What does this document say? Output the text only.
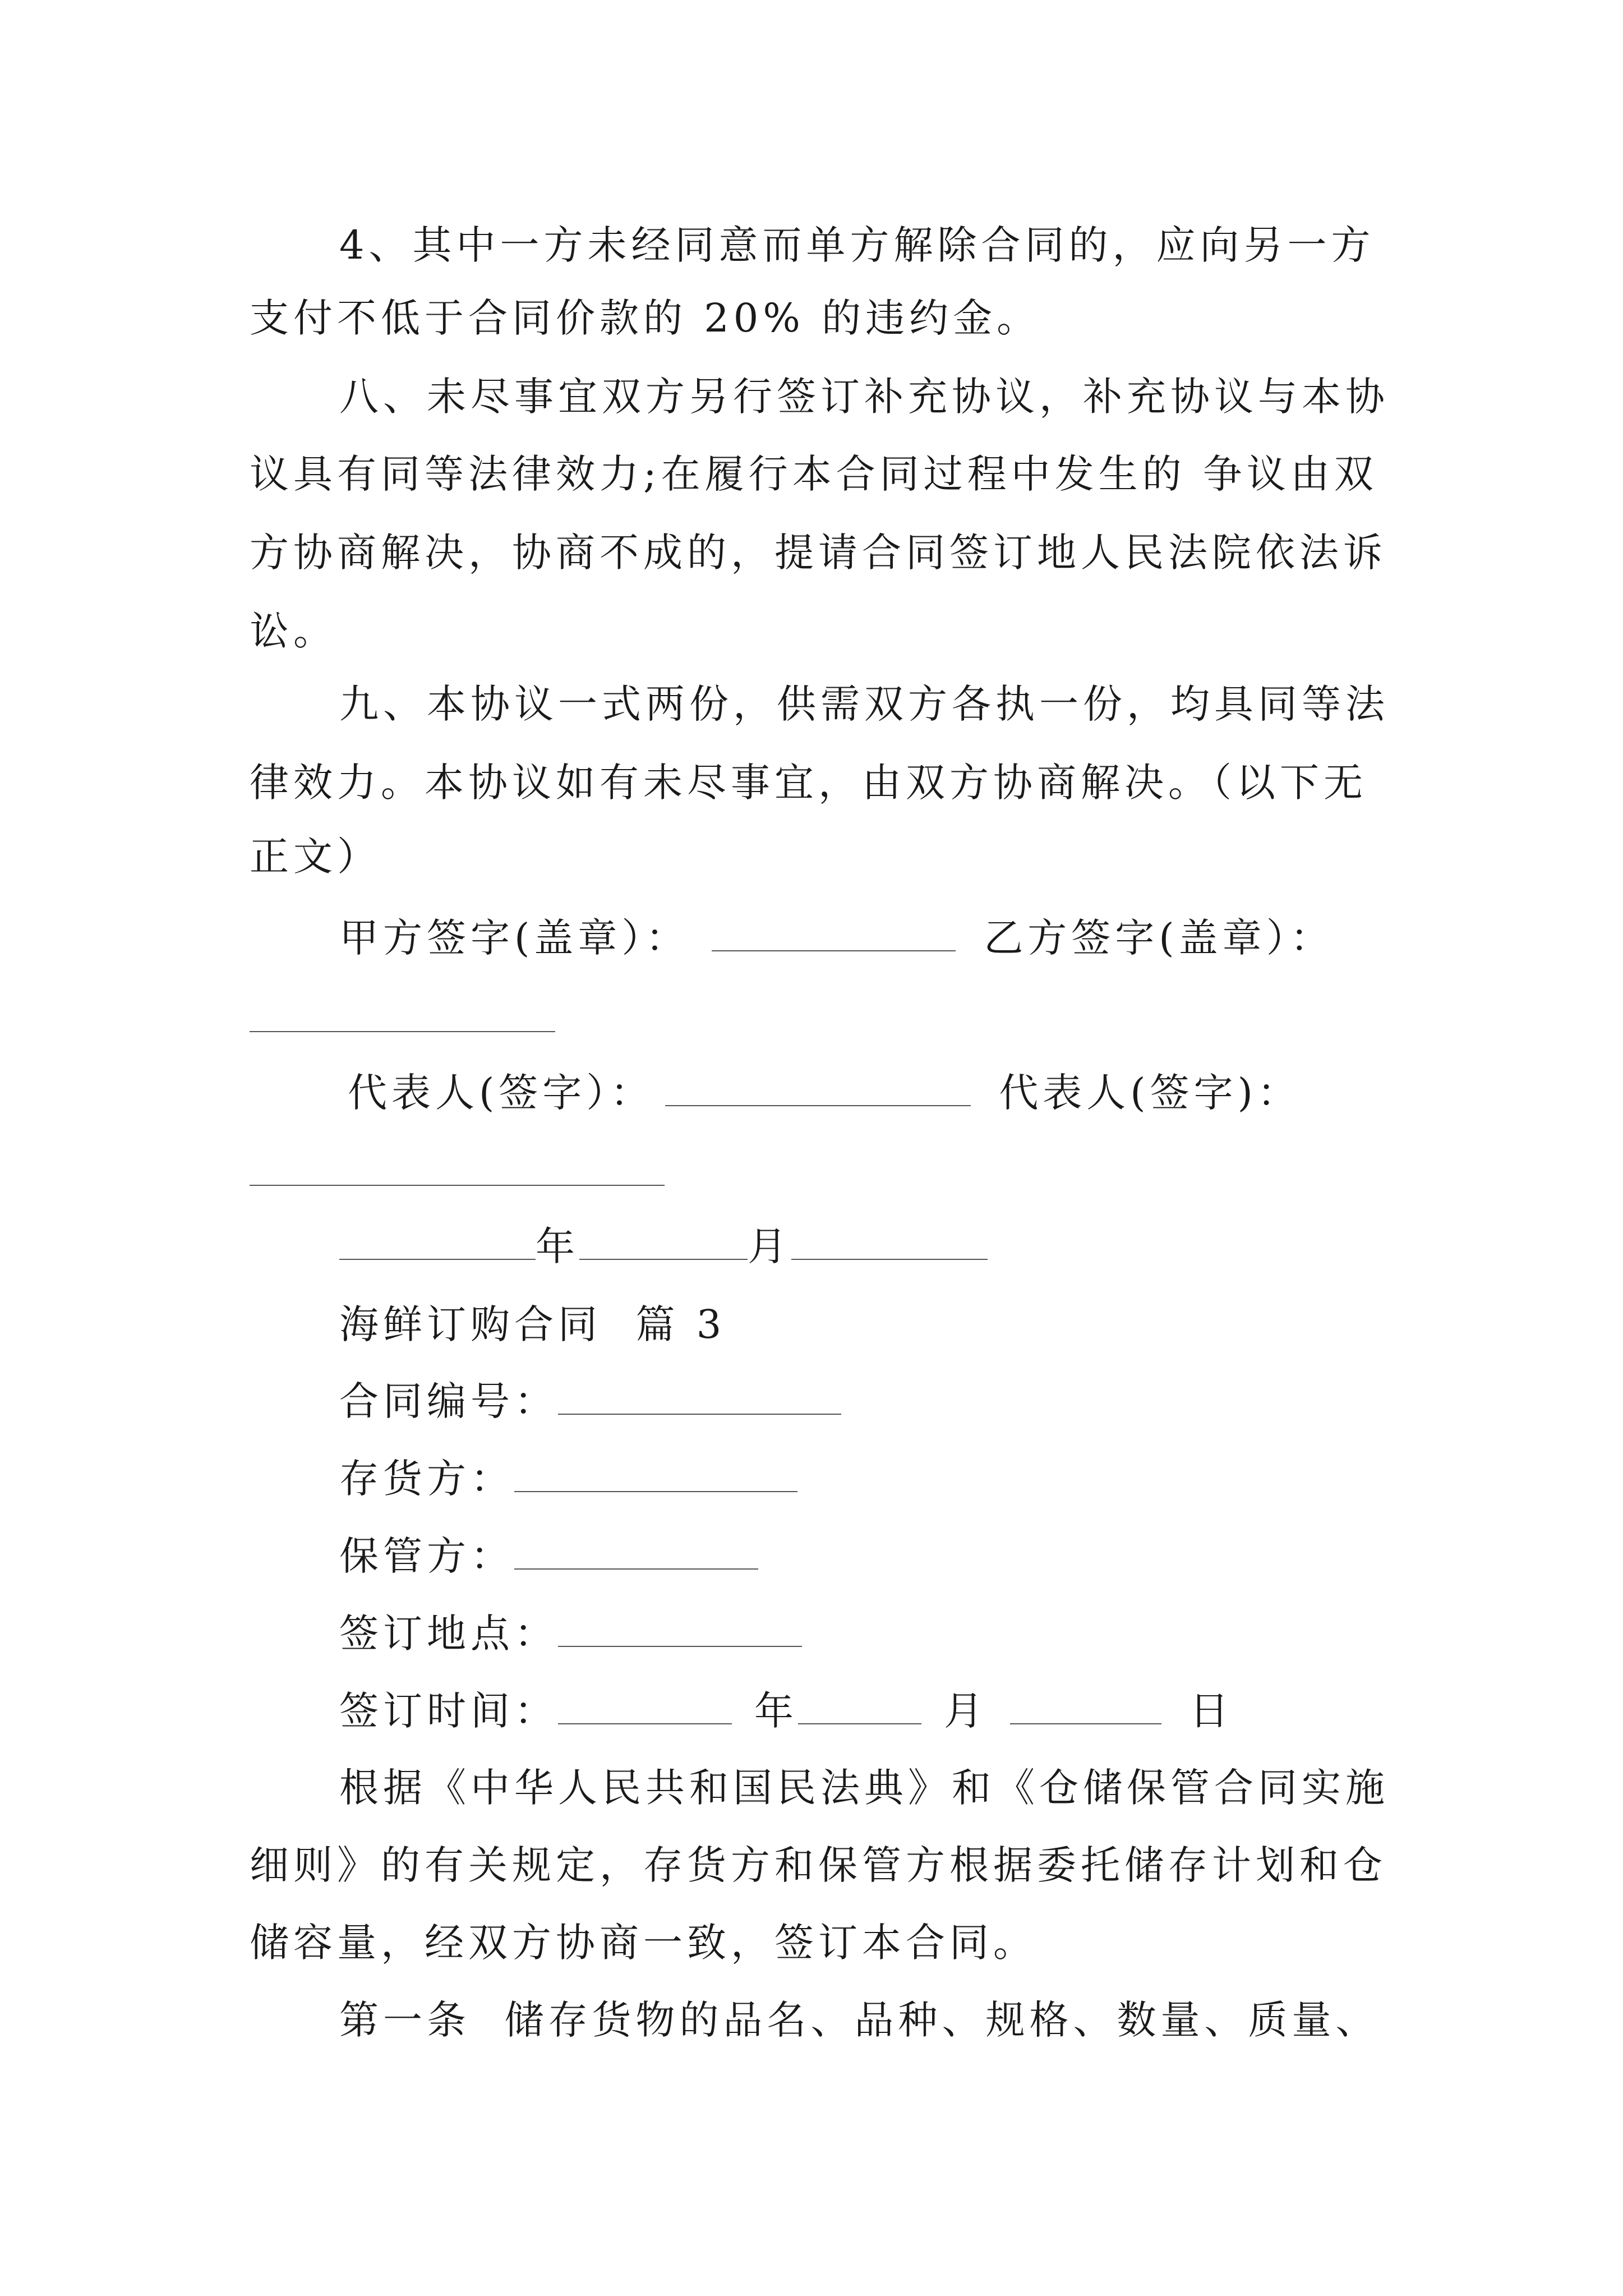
4、其中一方未经同意而单方解除合同的，应向另一方
支付不低于合同价款的 20% 的违约金。
八、未尽事宜双方另行签订补充协议，补充协议与本协
议具有同等法律效力;在履行本合同过程中发生的 争议由双
方协商解决，协商不成的，提请合同签订地人民法院依法诉
讼。
九、本协议一式两份，供需双方各执一份，均具同等法
律效力。本协议如有未尽事宜，由双方协商解决。（以下无
正文）
甲方签字(盖章）：	乙方签字(盖章）：
代表人(签字）：	代表人(签字)：
年	月
海鲜订购合同  篇 3
合同编号：
存货方：
保管方：
签订地点：
签订时间：	年	月	日
根据《中华人民共和国民法典》和《仓储保管合同实施
细则》的有关规定，存货方和保管方根据委托储存计划和仓
储容量，经双方协商一致，签订本合同。
第一条  储存货物的品名、品种、规格、数量、质量、
